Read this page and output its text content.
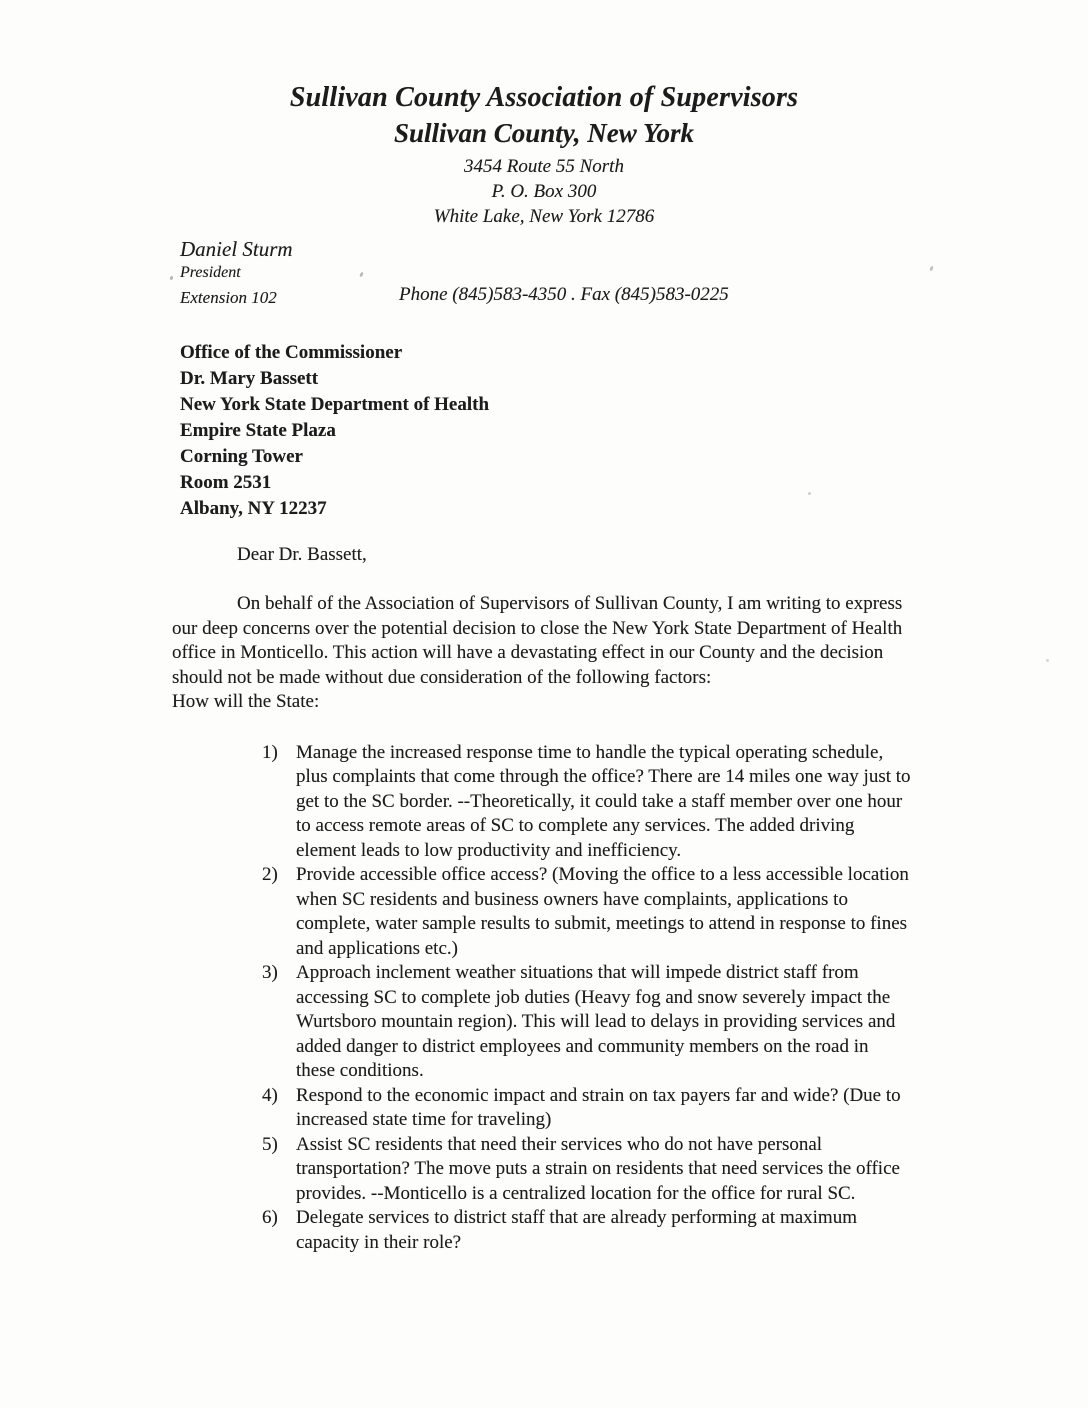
Sullivan County Association of Supervisors
Sullivan County, New York
3454 Route 55 North
P. O. Box 300
White Lake, New York 12786
Daniel Sturm
President
Extension 102	Phone (845)583-4350 . Fax (845)583-0225
Office of the Commissioner
Dr. Mary Bassett
New York State Department of Health
Empire State Plaza
Corning Tower
Room 2531
Albany, NY 12237
Dear Dr. Bassett,

On behalf of the Association of Supervisors of Sullivan County, I am writing to express our deep concerns over the potential decision to close the New York State Department of Health office in Monticello. This action will have a devastating effect in our County and the decision should not be made without due consideration of the following factors:

How will the State:

1) Manage the increased response time to handle the typical operating schedule, plus complaints that come through the office? There are 14 miles one way just to get to the SC border. --Theoretically, it could take a staff member over one hour to access remote areas of SC to complete any services. The added driving element leads to low productivity and inefficiency.
2) Provide accessible office access? (Moving the office to a less accessible location when SC residents and business owners have complaints, applications to complete, water sample results to submit, meetings to attend in response to fines and applications etc.)
3) Approach inclement weather situations that will impede district staff from accessing SC to complete job duties (Heavy fog and snow severely impact the Wurtsboro mountain region). This will lead to delays in providing services and added danger to district employees and community members on the road in these conditions.
4) Respond to the economic impact and strain on tax payers far and wide? (Due to increased state time for traveling)
5) Assist SC residents that need their services who do not have personal transportation? The move puts a strain on residents that need services the office provides. --Monticello is a centralized location for the office for rural SC.
6) Delegate services to district staff that are already performing at maximum capacity in their role?
